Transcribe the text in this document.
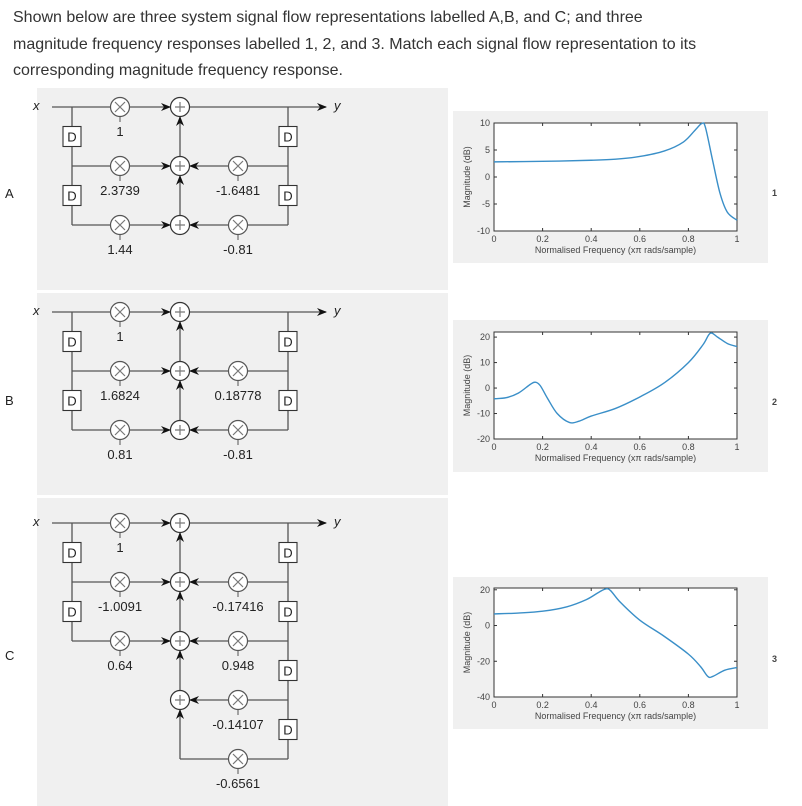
Shown below are three system signal flow representations labelled A,B, and C; and three magnitude frequency responses labelled 1, 2, and 3. Match each signal flow representation to its corresponding magnitude frequency response.
A
x	y
1
D
2.3739
D
1.44
-1.6481
D
-0.81
D
B
x	y
1
D
1.6824
D
0.81
0.18778
D
-0.81
D
C
x	y
1
D
-1.0091
D
0.64
-0.17416
D
0.948
D
-0.14107
D
D
-0.6561
0	0.2	0.4	0.6	0.8	1
-10
-5
0
5
10
Normalised Frequency (xπ rads/sample)
Magnitude (dB)	1
0	0.2	0.4	0.6	0.8	1
-20
-10
0
10
20
Normalised Frequency (xπ rads/sample)
Magnitude (dB)	2
0	0.2	0.4	0.6	0.8	1
-40
-20
0
20
Normalised Frequency (xπ rads/sample)
Magnitude (dB)	3
